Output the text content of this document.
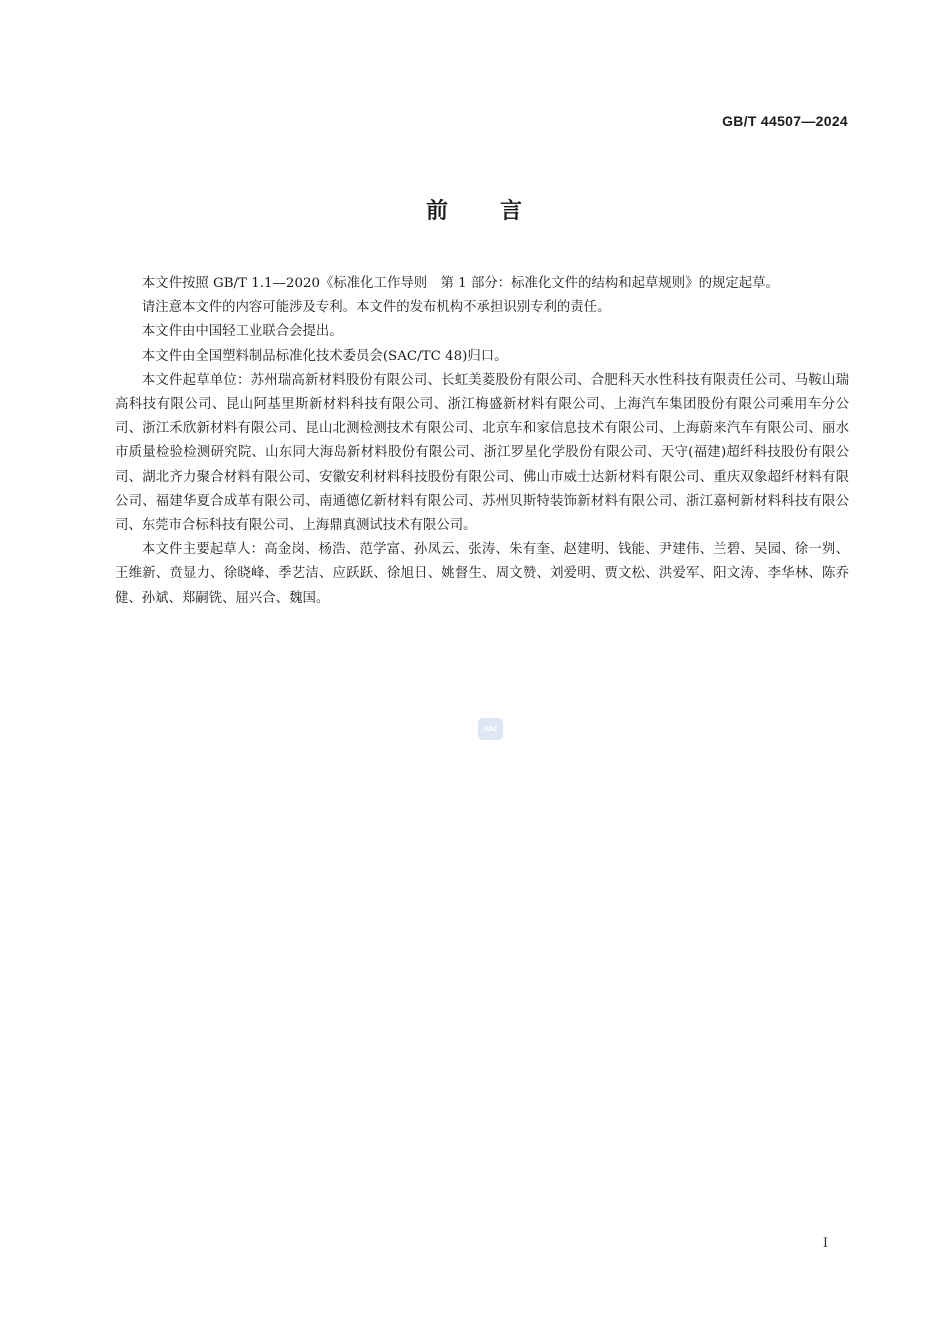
GB/T 44507—2024
前 言

本文件按照 GB/T 1.1—2020《标准化工作导则　第 1 部分：标准化文件的结构和起草规则》的规定起草。

请注意本文件的内容可能涉及专利。本文件的发布机构不承担识别专利的责任。

本文件由中国轻工业联合会提出。

本文件由全国塑料制品标准化技术委员会(SAC/TC 48)归口。

本文件起草单位：苏州瑞高新材料股份有限公司、长虹美菱股份有限公司、合肥科天水性科技有限责任公司、马鞍山瑞高科技有限公司、昆山阿基里斯新材料科技有限公司、浙江梅盛新材料有限公司、上海汽车集团股份有限公司乘用车分公司、浙江禾欣新材料有限公司、昆山北测检测技术有限公司、北京车和家信息技术有限公司、上海蔚来汽车有限公司、丽水市质量检验检测研究院、山东同大海岛新材料股份有限公司、浙江罗星化学股份有限公司、天守(福建)超纤科技股份有限公司、湖北齐力聚合材料有限公司、安徽安利材料科技股份有限公司、佛山市威士达新材料有限公司、重庆双象超纤材料有限公司、福建华夏合成革有限公司、南通德亿新材料有限公司、苏州贝斯特装饰新材料有限公司、浙江嘉柯新材料科技有限公司、东莞市合标科技有限公司、上海鼎真测试技术有限公司。

本文件主要起草人：高金岗、杨浩、范学富、孙凤云、张涛、朱有奎、赵建明、钱能、尹建伟、兰碧、吴园、徐一刿、王维新、贲显力、徐晓峰、季艺洁、应跃跃、徐旭日、姚督生、周文赞、刘爱明、贾文松、洪爱军、阳文涛、李华林、陈乔健、孙斌、郑嗣铣、屈兴合、魏国。

SAC
I
